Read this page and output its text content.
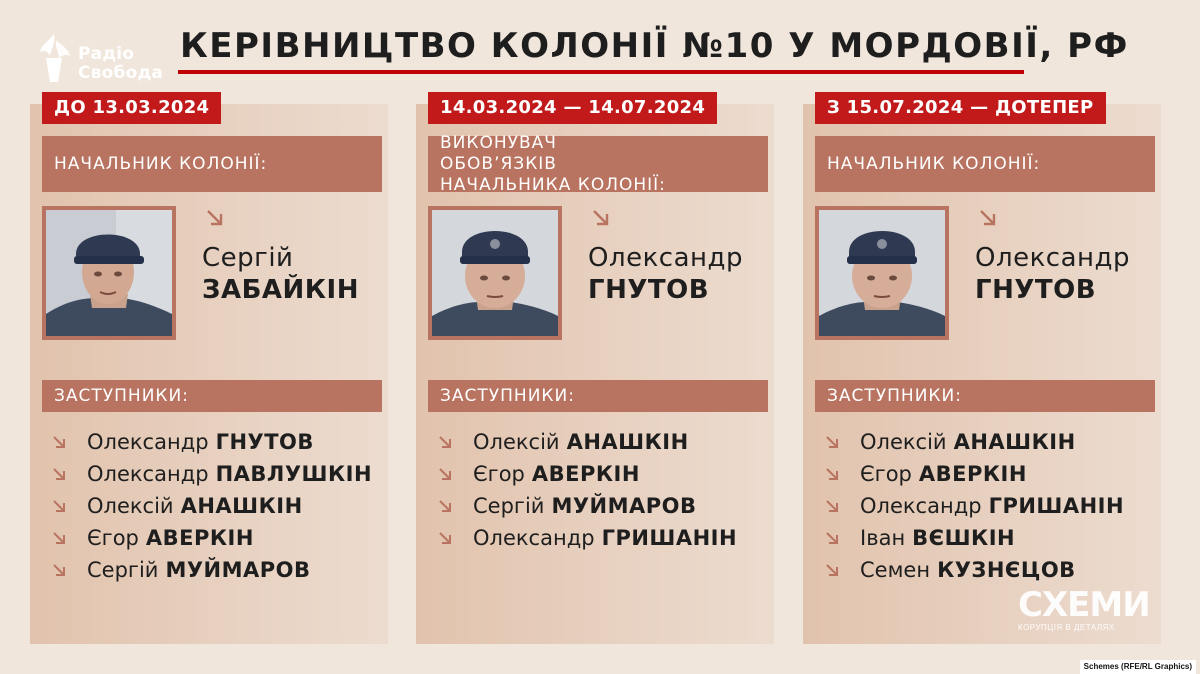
Радіо
Свобода
КЕРІВНИЦТВО КОЛОНІЇ №10 У МОРДОВІЇ, РФ
НАЧАЛЬНИК КОЛОНІЇ:
Сергій
ЗАБАЙКІН
ЗАСТУПНИКИ:
Олександр ГНУТОВ
Олександр ПАВЛУШКІН
Олексій АНАШКІН
Єгор АВЕРКІН
Сергій МУЙМАРОВ
ВИКОНУВАЧ ОБОВ’ЯЗКІВ НАЧАЛЬНИКА КОЛОНІЇ:
Олександр
ГНУТОВ
ЗАСТУПНИКИ:
Олексій АНАШКІН
Єгор АВЕРКІН
Сергій МУЙМАРОВ
Олександр ГРИШАНІН
НАЧАЛЬНИК КОЛОНІЇ:
Олександр
ГНУТОВ
ЗАСТУПНИКИ:
Олексій АНАШКІН
Єгор АВЕРКІН
Олександр ГРИШАНІН
Іван ВЄШКІН
Семен КУЗНЄЦОВ
ДО 13.03.2024	14.03.2024 — 14.07.2024	З 15.07.2024 — ДОТЕПЕР
СХЕМИ
КОРУПЦІЯ В ДЕТАЛЯХ
Schemes (RFE/RL Graphics)
